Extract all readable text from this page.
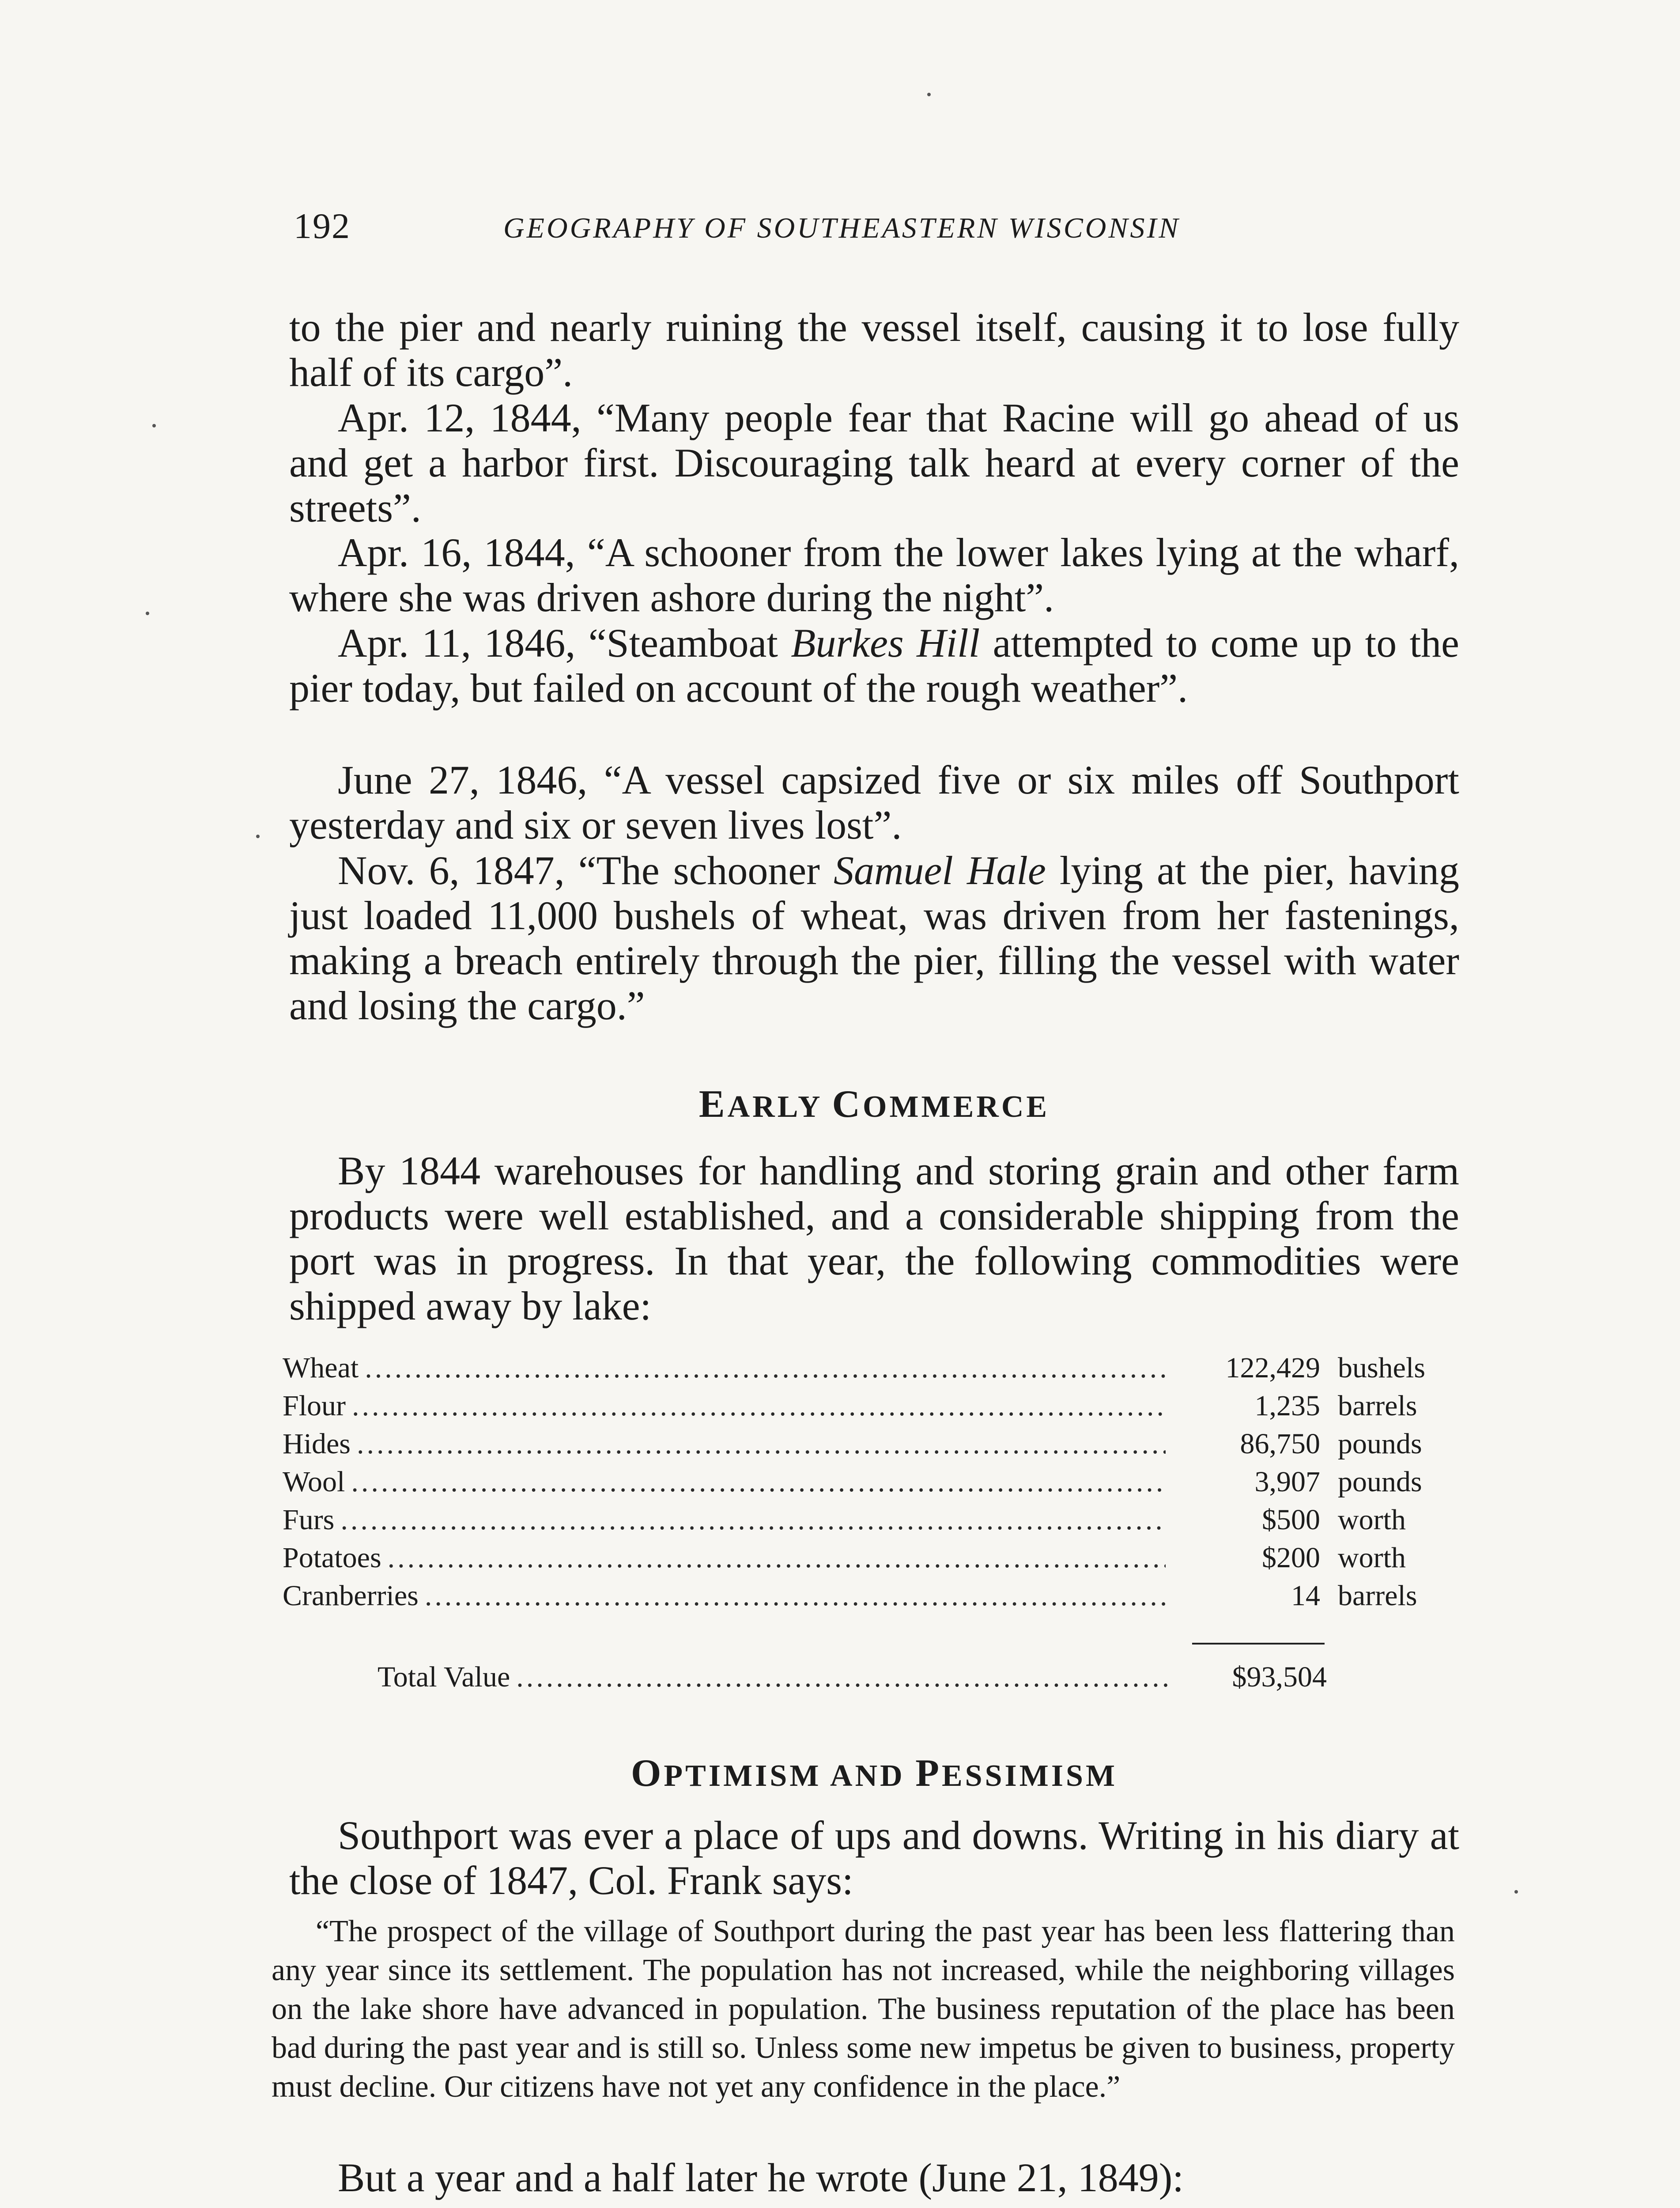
192	GEOGRAPHY OF SOUTHEASTERN WISCONSIN

to the pier and nearly ruining the vessel itself, causing it to lose fully half of its cargo”.

Apr. 12, 1844, “Many people fear that Racine will go ahead of us and get a harbor first. Discouraging talk heard at every corner of the streets”.

Apr. 16, 1844, “A schooner from the lower lakes lying at the wharf, where she was driven ashore during the night”.

Apr. 11, 1846, “Steamboat Burkes Hill attempted to come up to the pier today, but failed on account of the rough weather”.

June 27, 1846, “A vessel capsized five or six miles off Southport yesterday and six or seven lives lost”.

Nov. 6, 1847, “The schooner Samuel Hale lying at the pier, having just loaded 11,000 bushels of wheat, was driven from her fastenings, making a breach entirely through the pier, filling the vessel with water and losing the cargo.”

EARLY COMMERCE

By 1844 warehouses for handling and storing grain and other farm products were well established, and a considerable shipping from the port was in progress. In that year, the following commodities were shipped away by lake:

Wheat .....	122,429 bushels
Flour .....	1,235 barrels
Hides .....	86,750 pounds
Wool .....	3,907 pounds
Furs .....	$500 worth
Potatoes .....	$200 worth
Cranberries .....	14 barrels
Total Value .....	$93,504
OPTIMISM AND PESSIMISM

Southport was ever a place of ups and downs. Writing in his diary at the close of 1847, Col. Frank says:

“The prospect of the village of Southport during the past year has been less flattering than any year since its settlement. The population has not increased, while the neighboring villages on the lake shore have advanced in population. The business reputation of the place has been bad during the past year and is still so. Unless some new impetus be given to business, property must decline. Our citizens have not yet any confidence in the place.”

But a year and a half later he wrote (June 21, 1849):
